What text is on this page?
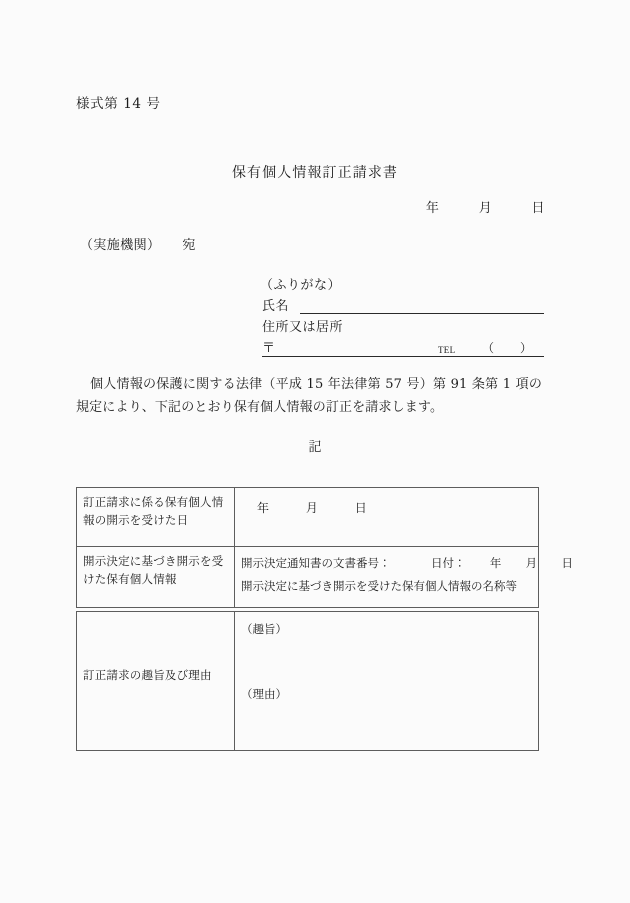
様式第 14 号
保有個人情報訂正請求書
年	月	日
（実施機関） 宛
（ふりがな）
氏名
住所又は居所
〒	TEL （ ）
個人情報の保護に関する法律（平成 15 年法律第 57 号）第 91 条第 1 項の規定により、下記のとおり保有個人情報の訂正を請求します。
記
訂正請求に係る保有個人情報の開示を受けた日	年 月 日

開示決定に基づき開示を受けた保有個人情報	開示決定通知書の文書番号： 日付： 年 月 日
開示決定に基づき開示を受けた保有個人情報の名称等

訂正請求の趣旨及び理由	（趣旨）
（理由）
